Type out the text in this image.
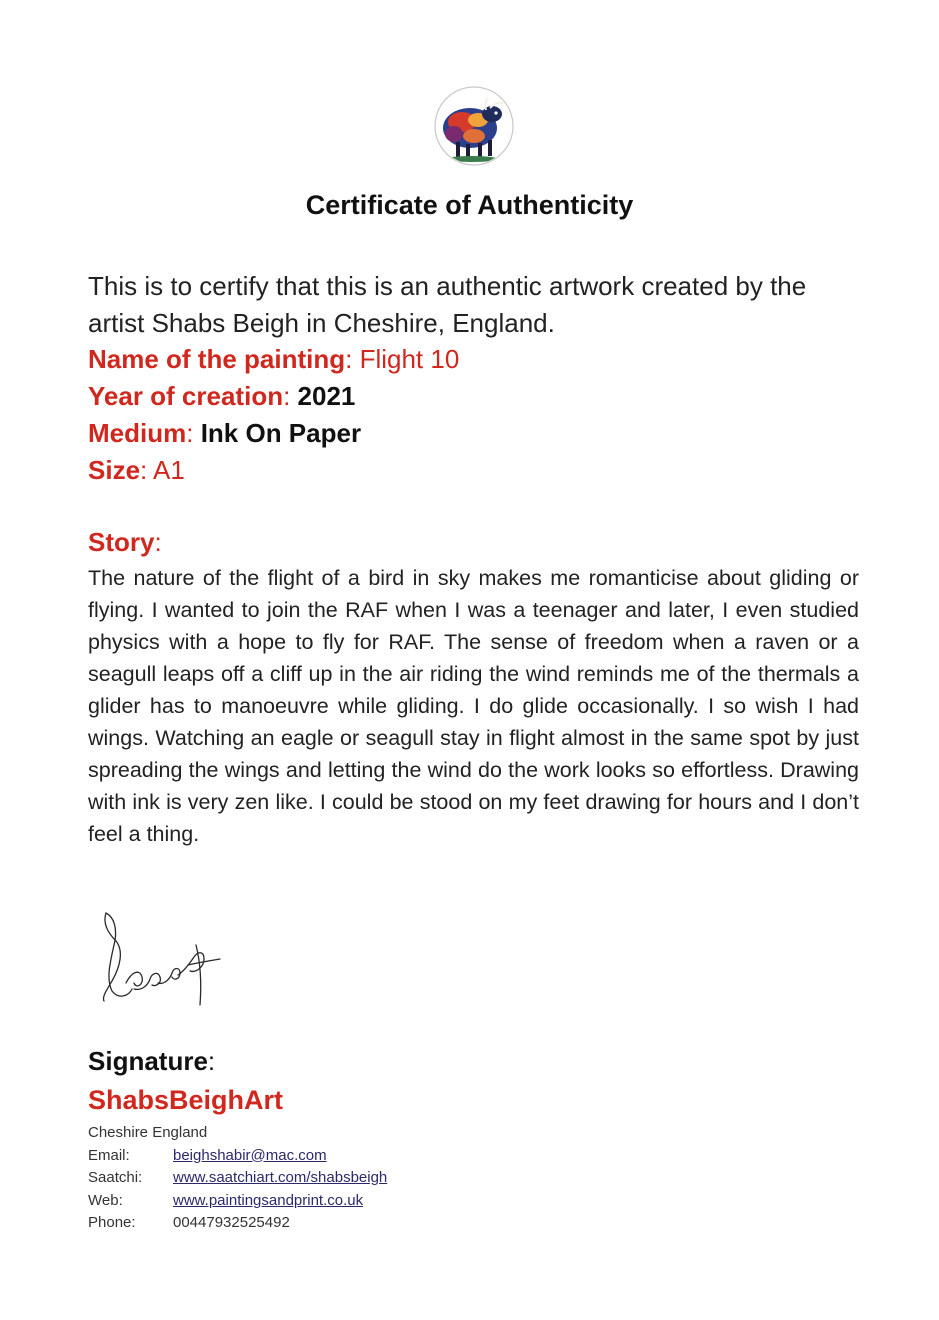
Certificate of Authenticity
This is to certify that this is an authentic artwork created by the artist Shabs Beigh in Cheshire, England.
Name of the painting: Flight 10
Year of creation: 2021
Medium: Ink On Paper
Size: A1
Story:
The nature of the flight of a bird in sky makes me romanticise about gliding or flying. I wanted to join the RAF when I was a teenager and later, I even studied physics with a hope to fly for RAF. The sense of freedom when a raven or a seagull leaps off a cliff up in the air riding the wind reminds me of the thermals a glider has to manoeuvre while gliding. I do glide occasionally. I so wish I had wings. Watching an eagle or seagull stay in flight almost in the same spot by just spreading the wings and letting the wind do the work looks so effortless. Drawing with ink is very zen like. I could be stood on my feet drawing for hours and I don’t feel a thing.
Signature:
ShabsBeighArt
Cheshire England
Email:	beighshabir@mac.com
Saatchi:	www.saatchiart.com/shabsbeigh
Web:	www.paintingsandprint.co.uk
Phone:	00447932525492
